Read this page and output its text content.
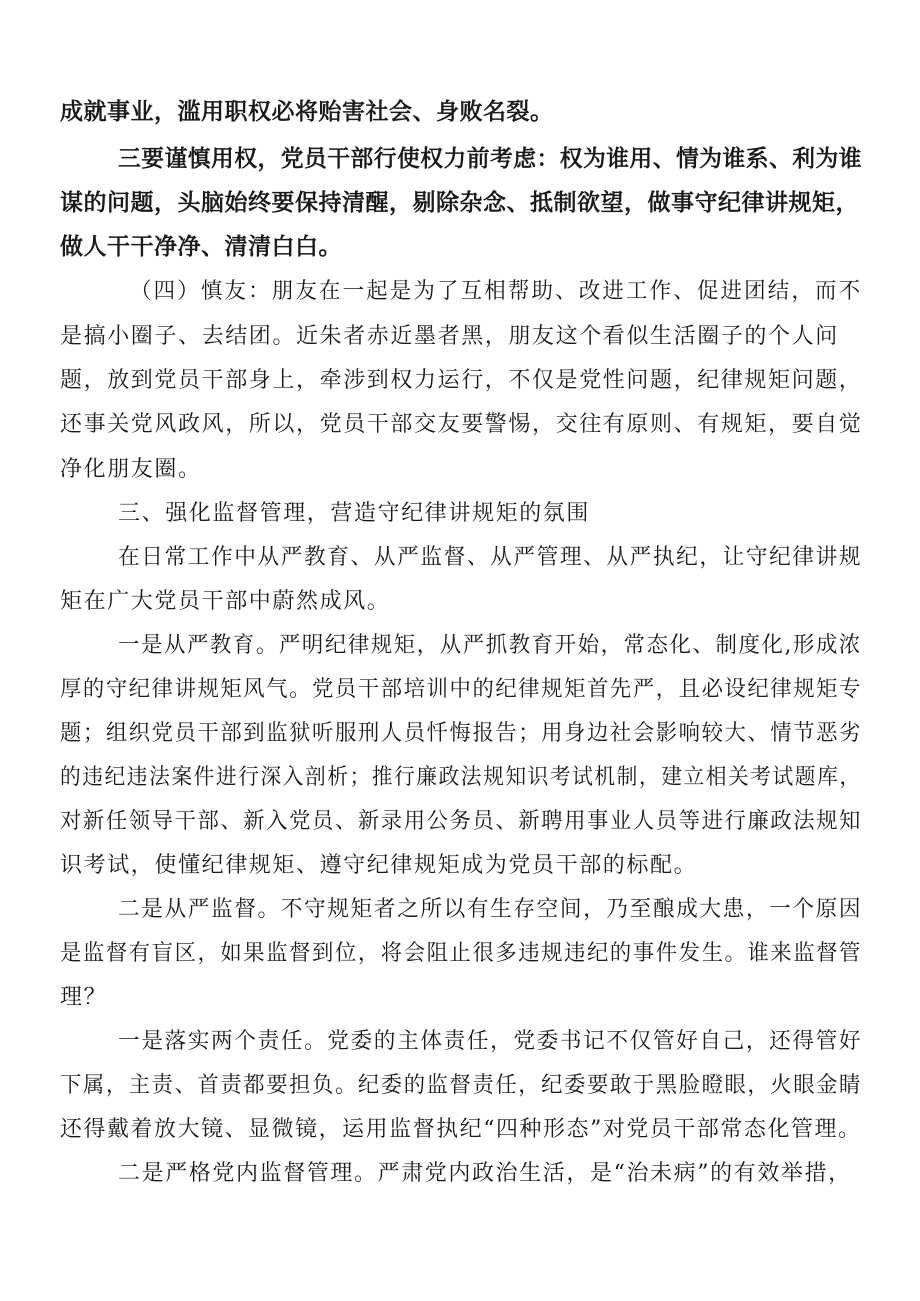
成就事业，滥用职权必将贻害社会、身败名裂。
三要谨慎用权，党员干部行使权力前考虑：权为谁用、情为谁系、利为谁
谋的问题，头脑始终要保持清醒，剔除杂念、抵制欲望，做事守纪律讲规矩，
做人干干净净、清清白白。
（四）慎友：朋友在一起是为了互相帮助、改进工作、促进团结，而不
是搞小圈子、去结团。近朱者赤近墨者黑，朋友这个看似生活圈子的个人问
题，放到党员干部身上，牵涉到权力运行，不仅是党性问题，纪律规矩问题，
还事关党风政风，所以，党员干部交友要警惕，交往有原则、有规矩，要自觉
净化朋友圈。
三、强化监督管理，营造守纪律讲规矩的氛围
在日常工作中从严教育、从严监督、从严管理、从严执纪，让守纪律讲规
矩在广大党员干部中蔚然成风。
一是从严教育。严明纪律规矩，从严抓教育开始，常态化、制度化,形成浓
厚的守纪律讲规矩风气。党员干部培训中的纪律规矩首先严，且必设纪律规矩专
题；组织党员干部到监狱听服刑人员忏悔报告；用身边社会影响较大、情节恶劣
的违纪违法案件进行深入剖析；推行廉政法规知识考试机制，建立相关考试题库，
对新任领导干部、新入党员、新录用公务员、新聘用事业人员等进行廉政法规知
识考试，使懂纪律规矩、遵守纪律规矩成为党员干部的标配。
二是从严监督。不守规矩者之所以有生存空间，乃至酿成大患，一个原因
是监督有盲区，如果监督到位，将会阻止很多违规违纪的事件发生。谁来监督管
理？
一是落实两个责任。党委的主体责任，党委书记不仅管好自己，还得管好
下属，主责、首责都要担负。纪委的监督责任，纪委要敢于黑脸瞪眼，火眼金睛
还得戴着放大镜、显微镜，运用监督执纪“四种形态”对党员干部常态化管理。
二是严格党内监督管理。严肃党内政治生活，是“治未病”的有效举措，
